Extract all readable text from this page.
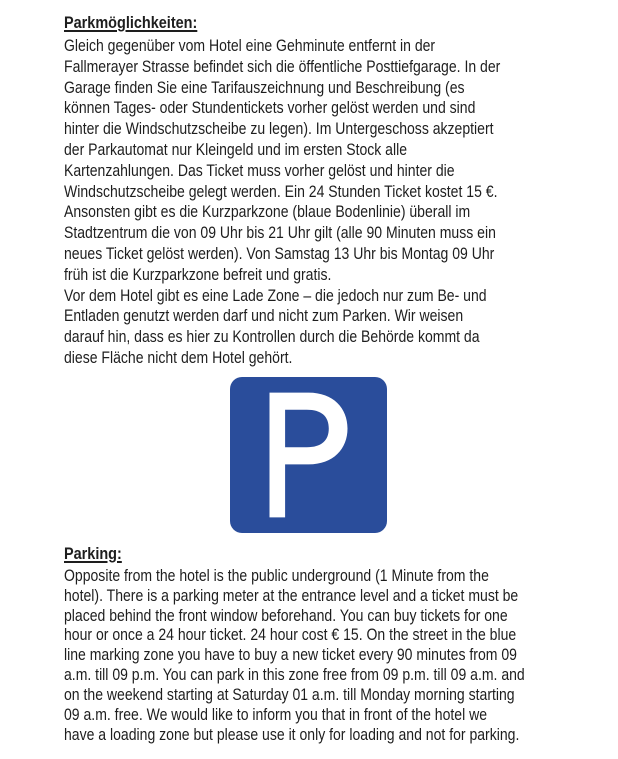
Parkmöglichkeiten:
Gleich gegenüber vom Hotel eine Gehminute entfernt in der
Fallmerayer Strasse befindet sich die öffentliche Posttiefgarage. In der
Garage finden Sie eine Tarifauszeichnung und Beschreibung (es
können Tages- oder Stundentickets vorher gelöst werden und sind
hinter die Windschutzscheibe zu legen). Im Untergeschoss akzeptiert
der Parkautomat nur Kleingeld und im ersten Stock alle
Kartenzahlungen. Das Ticket muss vorher gelöst und hinter die
Windschutzscheibe gelegt werden. Ein 24 Stunden Ticket kostet 15 €.
Ansonsten gibt es die Kurzparkzone (blaue Bodenlinie) überall im
Stadtzentrum die von 09 Uhr bis 21 Uhr gilt (alle 90 Minuten muss ein
neues Ticket gelöst werden). Von Samstag 13 Uhr bis Montag 09 Uhr
früh ist die Kurzparkzone befreit und gratis.
Vor dem Hotel gibt es eine Lade Zone – die jedoch nur zum Be- und
Entladen genutzt werden darf und nicht zum Parken. Wir weisen
darauf hin, dass es hier zu Kontrollen durch die Behörde kommt da
diese Fläche nicht dem Hotel gehört.
Parking:
Opposite from the hotel is the public underground (1 Minute from the
hotel). There is a parking meter at the entrance level and a ticket must be
placed behind the front window beforehand. You can buy tickets for one
hour or once a 24 hour ticket. 24 hour cost € 15. On the street in the blue
line marking zone you have to buy a new ticket every 90 minutes from 09
a.m. till 09 p.m. You can park in this zone free from 09 p.m. till 09 a.m. and
on the weekend starting at Saturday 01 a.m. till Monday morning starting
09 a.m. free. We would like to inform you that in front of the hotel we
have a loading zone but please use it only for loading and not for parking.
